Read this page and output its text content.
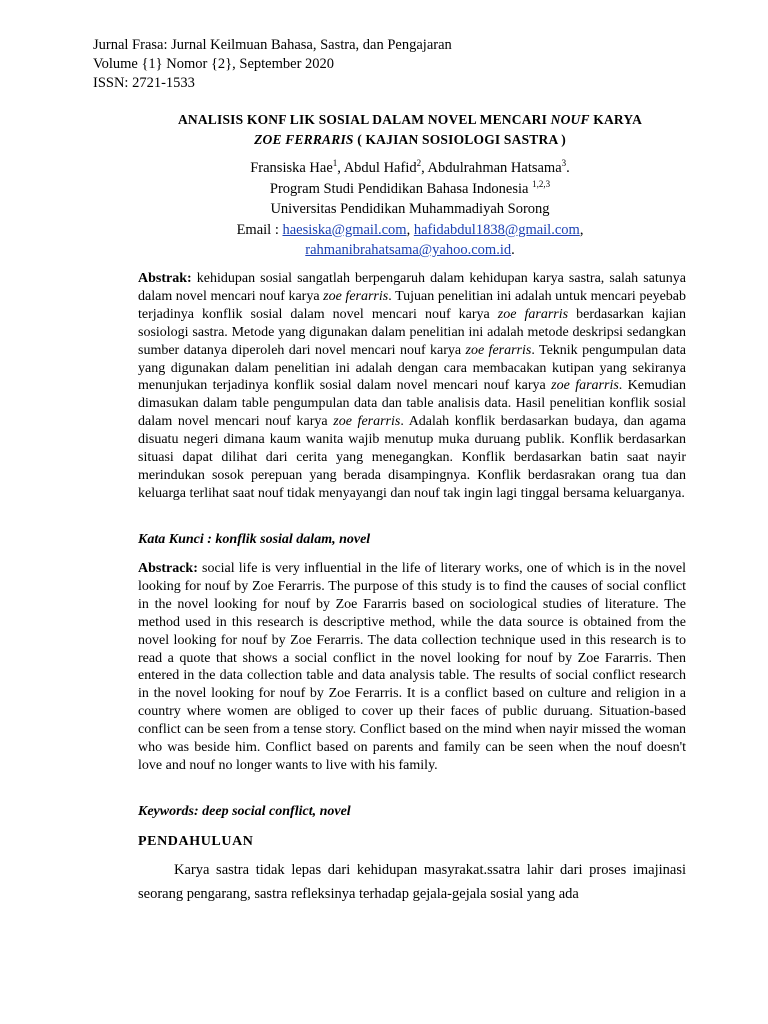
Jurnal Frasa: Jurnal Keilmuan Bahasa, Sastra, dan Pengajaran
Volume {1} Nomor {2}, September 2020
ISSN: 2721-1533
ANALISIS KONF LIK SOSIAL DALAM NOVEL MENCARI NOUF KARYA
ZOE FERRARIS ( KAJIAN SOSIOLOGI SASTRA )
Fransiska Hae$^1$, Abdul Hafid$^2$, Abdulrahman Hatsama$^3$.
Program Studi Pendidikan Bahasa Indonesia $^{1,2,3}$
Universitas Pendidikan Muhammadiyah Sorong
Email : haesiska@gmail.com, hafidabdul1838@gmail.com,
rahmanibrahatsama@yahoo.com.id.
Abstrak: kehidupan sosial sangatlah berpengaruh dalam kehidupan karya sastra, salah satunya dalam novel mencari nouf karya zoe ferarris. Tujuan penelitian ini adalah untuk mencari peyebab terjadinya konflik sosial dalam novel mencari nouf karya zoe fararris berdasarkan kajian sosiologi sastra. Metode yang digunakan dalam penelitian ini adalah metode deskripsi sedangkan sumber datanya diperoleh dari novel mencari nouf karya zoe ferarris. Teknik pengumpulan data yang digunakan dalam penelitian ini adalah dengan cara membacakan kutipan yang sekiranya menunjukan terjadinya konflik sosial dalam novel mencari nouf karya zoe fararris. Kemudian dimasukan dalam table pengumpulan data dan table analisis data. Hasil penelitian konflik sosial dalam novel mencari nouf karya zoe ferarris. Adalah konflik berdasarkan budaya, dan agama disuatu negeri dimana kaum wanita wajib menutup muka duruang publik. Konflik berdasarkan situasi dapat dilihat dari cerita yang menegangkan. Konflik berdasarkan batin saat nayir merindukan sosok perepuan yang berada disampingnya. Konflik berdasrakan orang tua dan keluarga terlihat saat nouf tidak menyayangi dan nouf tak ingin lagi tinggal bersama keluarganya.
Kata Kunci : konflik sosial dalam, novel
Abstrack: social life is very influential in the life of literary works, one of which is in the novel looking for nouf by Zoe Ferarris. The purpose of this study is to find the causes of social conflict in the novel looking for nouf by Zoe Fararris based on sociological studies of literature. The method used in this research is descriptive method, while the data source is obtained from the novel looking for nouf by Zoe Ferarris. The data collection technique used in this research is to read a quote that shows a social conflict in the novel looking for nouf by Zoe Fararris. Then entered in the data collection table and data analysis table. The results of social conflict research in the novel looking for nouf by Zoe Ferarris. It is a conflict based on culture and religion in a country where women are obliged to cover up their faces of public duruang. Situation-based conflict can be seen from a tense story. Conflict based on the mind when nayir missed the woman who was beside him. Conflict based on parents and family can be seen when the nouf doesn't love and nouf no longer wants to live with his family.
Keywords: deep social conflict, novel
PENDAHULUAN
Karya sastra tidak lepas dari kehidupan masyrakat.ssatra lahir dari proses imajinasi seorang pengarang, sastra refleksinya terhadap gejala-gejala sosial yang ada
